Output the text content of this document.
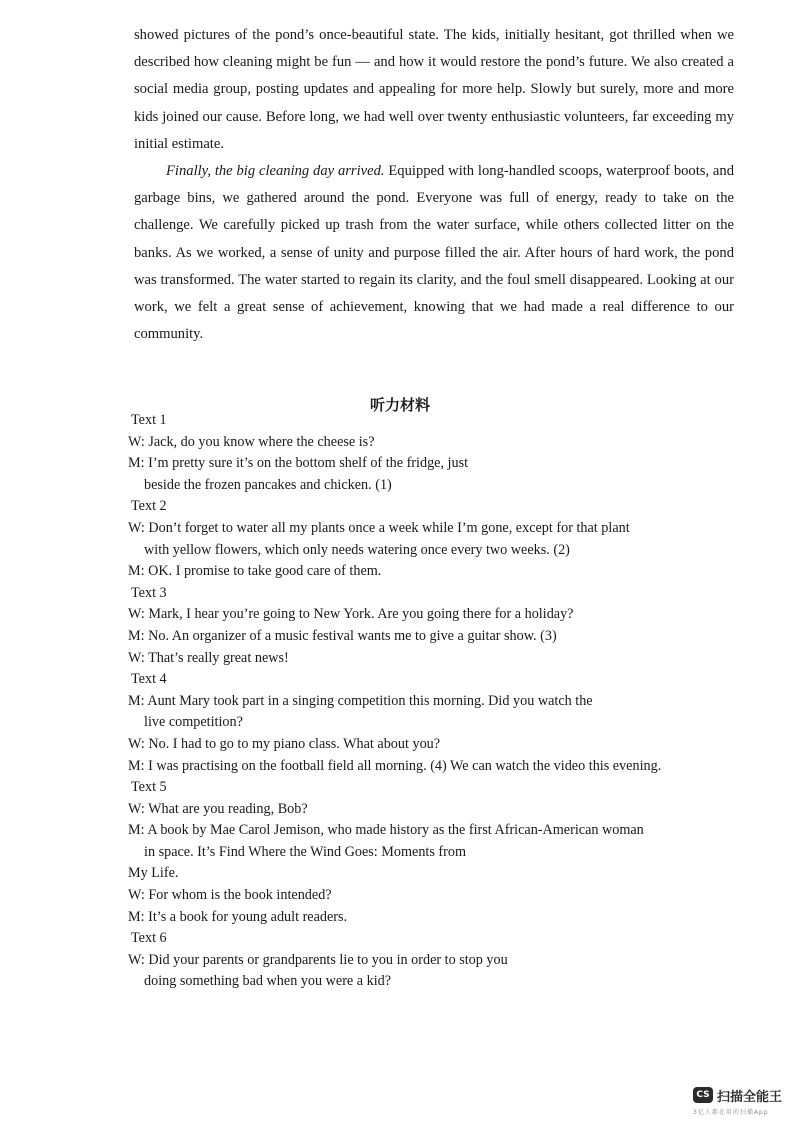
showed pictures of the pond’s once-beautiful state. The kids, initially hesitant, got thrilled when we described how cleaning might be fun — and how it would restore the pond’s future. We also created a social media group, posting updates and appealing for more help. Slowly but surely, more and more kids joined our cause. Before long, we had well over twenty enthusiastic volunteers, far exceeding my initial estimate.

Finally, the big cleaning day arrived. Equipped with long-handled scoops, waterproof boots, and garbage bins, we gathered around the pond. Everyone was full of energy, ready to take on the challenge. We carefully picked up trash from the water surface, while others collected litter on the banks. As we worked, a sense of unity and purpose filled the air. After hours of hard work, the pond was transformed. The water started to regain its clarity, and the foul smell disappeared. Looking at our work, we felt a great sense of achievement, knowing that we had made a real difference to our community.

听力材料
Text 1
W: Jack, do you know where the cheese is?
M: I’m pretty sure it’s on the bottom shelf of the fridge, just
beside the frozen pancakes and chicken. (1)
Text 2
W: Don’t forget to water all my plants once a week while I’m gone, except for that plant
with yellow flowers, which only needs watering once every two weeks. (2)
M: OK. I promise to take good care of them.
Text 3
W: Mark, I hear you’re going to New York. Are you going there for a holiday?
M: No. An organizer of a music festival wants me to give a guitar show. (3)
W: That’s really great news!
Text 4
M: Aunt Mary took part in a singing competition this morning. Did you watch the
live competition?
W: No. I had to go to my piano class. What about you?
M: I was practising on the football field all morning. (4) We can watch the video this evening.
Text 5
W: What are you reading, Bob?
M: A book by Mae Carol Jemison, who made history as the first African-American woman
in space. It’s Find Where the Wind Goes: Moments from
My Life.
W: For whom is the book intended?
M: It’s a book for young adult readers.
Text 6
W: Did your parents or grandparents lie to you in order to stop you
doing something bad when you were a kid?
CS 扫描全能王
3亿人都在用的扫描App
